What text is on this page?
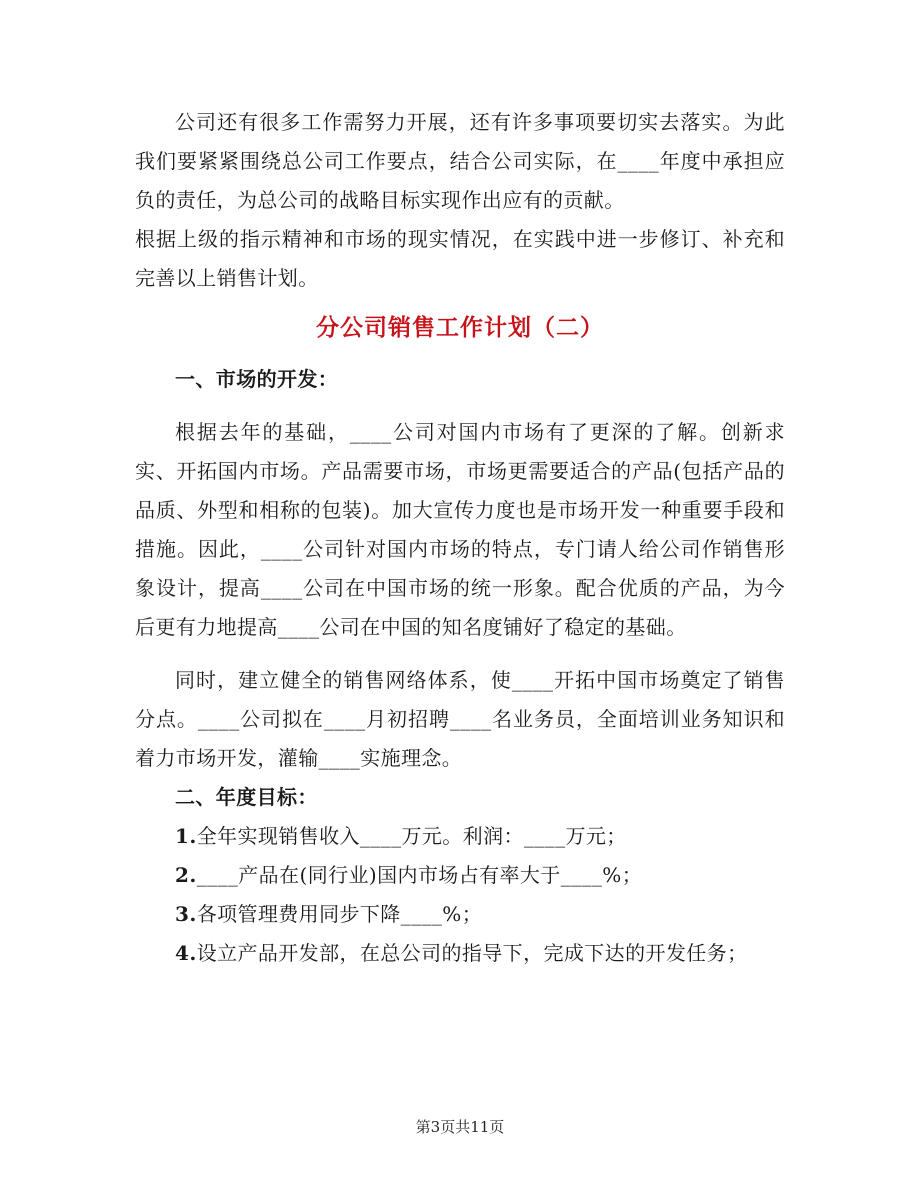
公司还有很多工作需努力开展，还有许多事项要切实去落实。为此我们要紧紧围绕总公司工作要点，结合公司实际，在____年度中承担应负的责任，为总公司的战略目标实现作出应有的贡献。

根据上级的指示精神和市场的现实情况，在实践中进一步修订、补充和完善以上销售计划。

分公司销售工作计划（二）

一、市场的开发：

根据去年的基础，____公司对国内市场有了更深的了解。创新求实、开拓国内市场。产品需要市场，市场更需要适合的产品(包括产品的品质、外型和相称的包装)。加大宣传力度也是市场开发一种重要手段和措施。因此，____公司针对国内市场的特点，专门请人给公司作销售形象设计，提高____公司在中国市场的统一形象。配合优质的产品，为今后更有力地提高____公司在中国的知名度铺好了稳定的基础。

同时，建立健全的销售网络体系，使____开拓中国市场奠定了销售分点。____公司拟在____月初招聘____名业务员，全面培训业务知识和着力市场开发，灌输____实施理念。

二、年度目标：

1.全年实现销售收入____万元。利润：____万元；

2.____产品在(同行业)国内市场占有率大于____%；

3.各项管理费用同步下降____%；

4.设立产品开发部，在总公司的指导下，完成下达的开发任务；

第3页共11页
